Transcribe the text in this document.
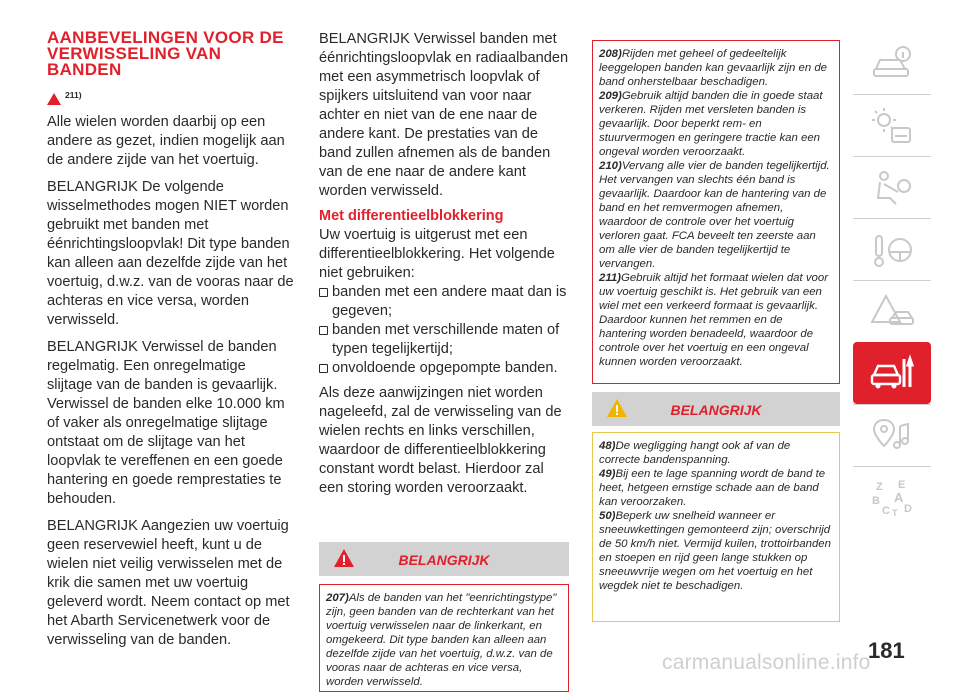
AANBEVELINGEN VOOR DE VERWISSELING VAN BANDEN
211)

Alle wielen worden daarbij op een andere as gezet, indien mogelijk aan de andere zijde van het voertuig.

BELANGRIJK De volgende wisselmethodes mogen NIET worden gebruikt met banden met éénrichtingsloopvlak! Dit type banden kan alleen aan dezelfde zijde van het voertuig, d.w.z. van de vooras naar de achteras en vice versa, worden verwisseld.

BELANGRIJK Verwissel de banden regelmatig. Een onregelmatige slijtage van de banden is gevaarlijk. Verwissel de banden elke 10.000 km of vaker als onregelmatige slijtage ontstaat om de slijtage van het loopvlak te vereffenen en een goede hantering en goede remprestaties te behouden.

BELANGRIJK Aangezien uw voertuig geen reservewiel heeft, kunt u de wielen niet veilig verwisselen met de krik die samen met uw voertuig geleverd wordt. Neem contact op met het Abarth Servicenetwerk voor de verwisseling van de banden.

BELANGRIJK Verwissel banden met éénrichtingsloopvlak en radiaalbanden met een asymmetrisch loopvlak of spijkers uitsluitend van voor naar achter en niet van de ene naar de andere kant. De prestaties van de band zullen afnemen als de banden van de ene naar de andere kant worden verwisseld.

Met differentieelblokkering

Uw voertuig is uitgerust met een differentieelblokkering. Het volgende niet gebruiken:

banden met een andere maat dan is gegeven;
banden met verschillende maten of typen tegelijkertijd;
onvoldoende opgepompte banden.

Als deze aanwijzingen niet worden nageleefd, zal de verwisseling van de wielen rechts en links verschillen, waardoor de differentieelblokkering constant wordt belast. Hierdoor zal een storing worden veroorzaakt.

BELANGRIJK

207)Als de banden van het "eenrichtingstype" zijn, geen banden van de rechterkant van het voertuig verwisselen naar de linkerkant, en omgekeerd. Dit type banden kan alleen aan dezelfde zijde van het voertuig, d.w.z. van de vooras naar de achteras en vice versa, worden verwisseld.

208)Rijden met geheel of gedeeltelijk leeggelopen banden kan gevaarlijk zijn en de band onherstelbaar beschadigen.

209)Gebruik altijd banden die in goede staat verkeren. Rijden met versleten banden is gevaarlijk. Door beperkt rem- en stuurvermogen en geringere tractie kan een ongeval worden veroorzaakt.

210)Vervang alle vier de banden tegelijkertijd. Het vervangen van slechts één band is gevaarlijk. Daardoor kan de hantering van de band en het remvermogen afnemen, waardoor de controle over het voertuig verloren gaat. FCA beveelt ten zeerste aan om alle vier de banden tegelijkertijd te vervangen.

211)Gebruik altijd het formaat wielen dat voor uw voertuig geschikt is. Het gebruik van een wiel met een verkeerd formaat is gevaarlijk. Daardoor kunnen het remmen en de hantering worden benadeeld, waardoor de controle over het voertuig en een ongeval kunnen worden veroorzaakt.

BELANGRIJK

48)De wegligging hangt ook af van de correcte bandenspanning.

49)Bij een te lage spanning wordt de band te heet, hetgeen ernstige schade aan de band kan veroorzaken.

50)Beperk uw snelheid wanneer er sneeuwkettingen gemonteerd zijn; overschrijd de 50 km/h niet. Vermijd kuilen, trottoirbanden en stoepen en rijd geen lange stukken op sneeuwvrije wegen om het voertuig en het wegdek niet te beschadigen.

Z E
B A
C T D
carmanualsonline.info
181
